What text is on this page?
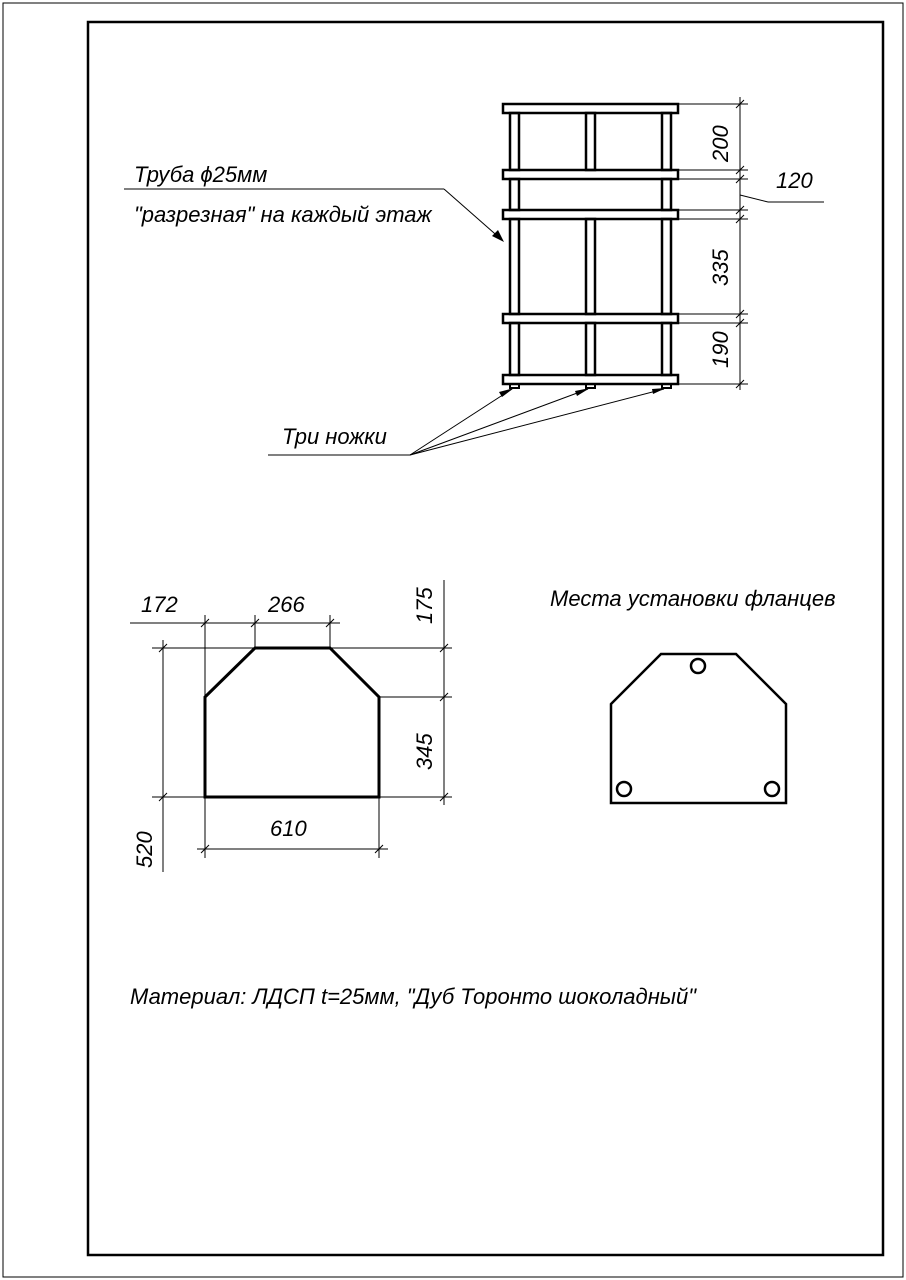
200
120
335
190
Труба ϕ25мм
"разрезная" на каждый этаж
Три ножки
172	266	175
345
520
610
Места установки фланцев
Материал: ЛДСП t=25мм, "Дуб Торонто шоколадный"
